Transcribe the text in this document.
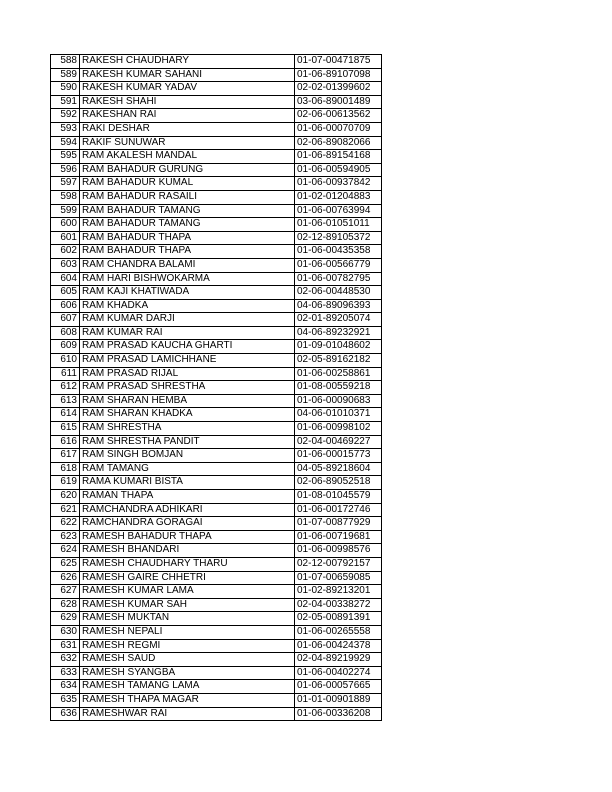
588	RAKESH CHAUDHARY	01-07-00471875
589	RAKESH KUMAR SAHANI	01-06-89107098
590	RAKESH KUMAR YADAV	02-02-01399602
591	RAKESH SHAHI	03-06-89001489
592	RAKESHAN RAI	02-06-00613562
593	RAKI DESHAR	01-06-00070709
594	RAKIF SUNUWAR	02-06-89082066
595	RAM AKALESH MANDAL	01-06-89154168
596	RAM BAHADUR GURUNG	01-06-00594905
597	RAM BAHADUR KUMAL	01-06-00937842
598	RAM BAHADUR RASAILI	01-02-01204883
599	RAM BAHADUR TAMANG	01-06-00763994
600	RAM BAHADUR TAMANG	01-06-01051011
601	RAM BAHADUR THAPA	02-12-89105372
602	RAM BAHADUR THAPA	01-06-00435358
603	RAM CHANDRA BALAMI	01-06-00566779
604	RAM HARI BISHWOKARMA	01-06-00782795
605	RAM KAJI KHATIWADA	02-06-00448530
606	RAM KHADKA	04-06-89096393
607	RAM KUMAR DARJI	02-01-89205074
608	RAM KUMAR RAI	04-06-89232921
609	RAM PRASAD KAUCHA GHARTI	01-09-01048602
610	RAM PRASAD LAMICHHANE	02-05-89162182
611	RAM PRASAD RIJAL	01-06-00258861
612	RAM PRASAD SHRESTHA	01-08-00559218
613	RAM SHARAN HEMBA	01-06-00090683
614	RAM SHARAN KHADKA	04-06-01010371
615	RAM SHRESTHA	01-06-00998102
616	RAM SHRESTHA PANDIT	02-04-00469227
617	RAM SINGH BOMJAN	01-06-00015773
618	RAM TAMANG	04-05-89218604
619	RAMA KUMARI BISTA	02-06-89052518
620	RAMAN THAPA	01-08-01045579
621	RAMCHANDRA ADHIKARI	01-06-00172746
622	RAMCHANDRA GORAGAI	01-07-00877929
623	RAMESH BAHADUR THAPA	01-06-00719681
624	RAMESH BHANDARI	01-06-00998576
625	RAMESH CHAUDHARY THARU	02-12-00792157
626	RAMESH GAIRE CHHETRI	01-07-00659085
627	RAMESH KUMAR LAMA	01-02-89213201
628	RAMESH KUMAR SAH	02-04-00338272
629	RAMESH MUKTAN	02-05-00891391
630	RAMESH NEPALI	01-06-00265558
631	RAMESH REGMI	01-06-00424378
632	RAMESH SAUD	02-04-89219929
633	RAMESH SYANGBA	01-06-00402274
634	RAMESH TAMANG LAMA	01-06-00057665
635	RAMESH THAPA MAGAR	01-01-00901889
636	RAMESHWAR RAI	01-06-00336208
